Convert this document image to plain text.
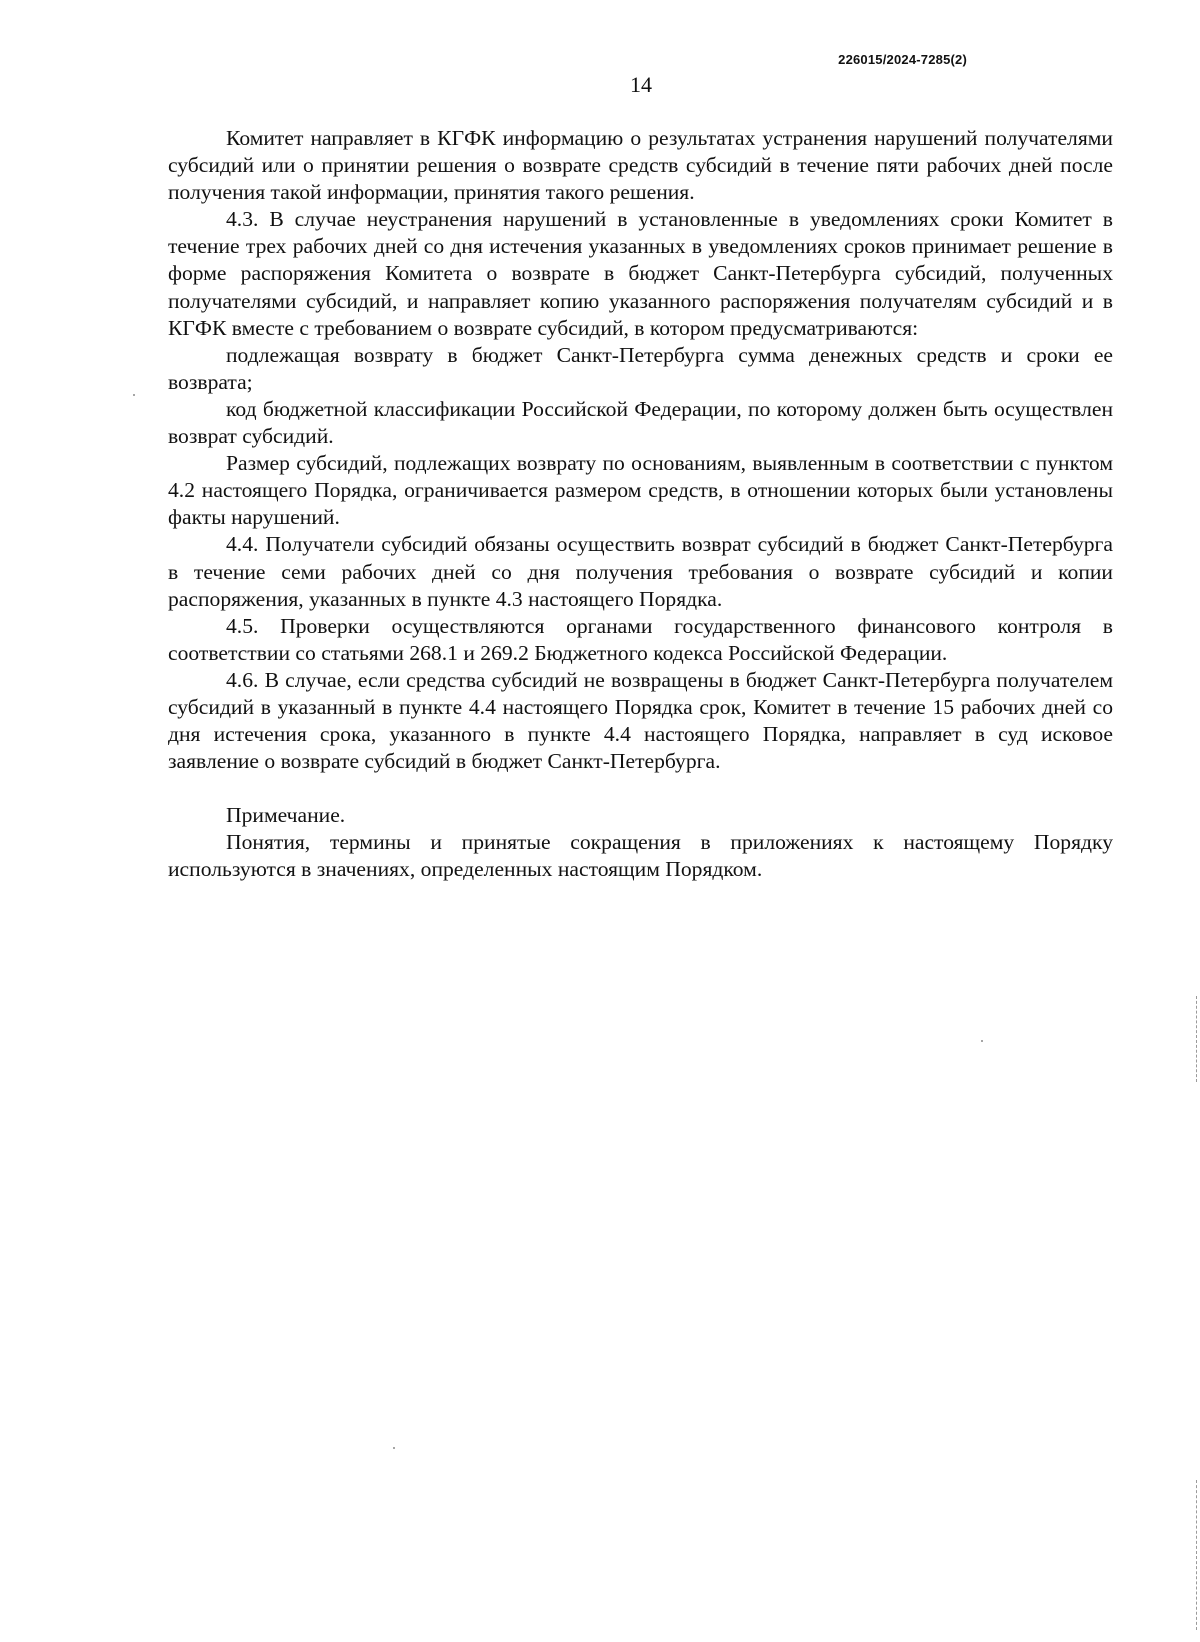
226015/2024-7285(2)
14

Комитет направляет в КГФК информацию о результатах устранения нарушений получателями субсидий или о принятии решения о возврате средств субсидий в течение пяти рабочих дней после получения такой информации, принятия такого решения.

4.3. В случае неустранения нарушений в установленные в уведомлениях сроки Комитет в течение трех рабочих дней со дня истечения указанных в уведомлениях сроков принимает решение в форме распоряжения Комитета о возврате в бюджет Санкт-Петербурга субсидий, полученных получателями субсидий, и направляет копию указанного распоряжения получателям субсидий и в КГФК вместе с требованием о возврате субсидий, в котором предусматриваются:

подлежащая возврату в бюджет Санкт-Петербурга сумма денежных средств и сроки ее возврата;

код бюджетной классификации Российской Федерации, по которому должен быть осуществлен возврат субсидий.

Размер субсидий, подлежащих возврату по основаниям, выявленным в соответствии с пунктом 4.2 настоящего Порядка, ограничивается размером средств, в отношении которых были установлены факты нарушений.

4.4. Получатели субсидий обязаны осуществить возврат субсидий в бюджет Санкт-Петербурга в течение семи рабочих дней со дня получения требования о возврате субсидий и копии распоряжения, указанных в пункте 4.3 настоящего Порядка.

4.5. Проверки осуществляются органами государственного финансового контроля в соответствии со статьями 268.1 и 269.2 Бюджетного кодекса Российской Федерации.

4.6. В случае, если средства субсидий не возвращены в бюджет Санкт-Петербурга получателем субсидий в указанный в пункте 4.4 настоящего Порядка срок, Комитет в течение 15 рабочих дней со дня истечения срока, указанного в пункте 4.4 настоящего Порядка, направляет в суд исковое заявление о возврате субсидий в бюджет Санкт-Петербурга.

Примечание.

Понятия, термины и принятые сокращения в приложениях к настоящему Порядку используются в значениях, определенных настоящим Порядком.
